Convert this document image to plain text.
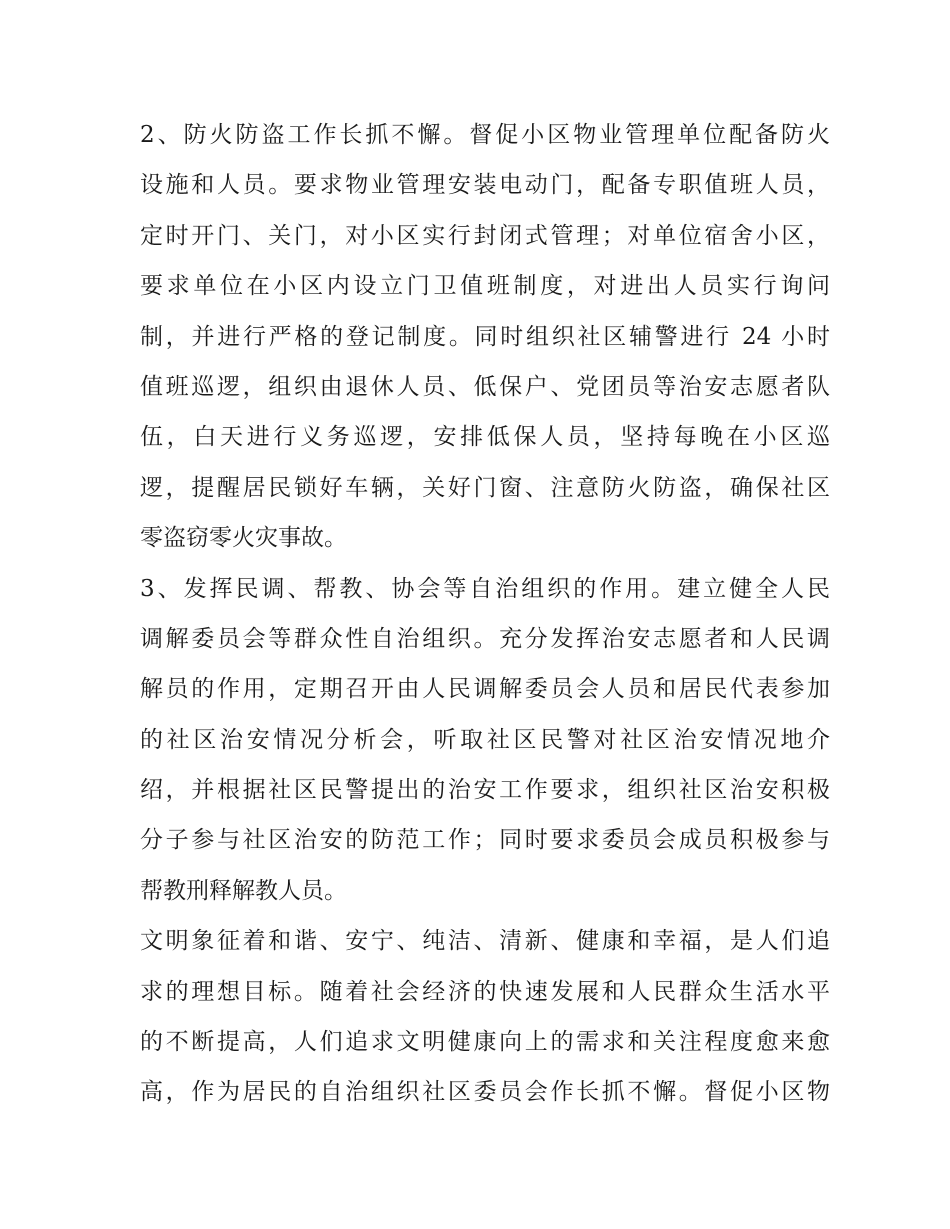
2、防火防盗工作长抓不懈。督促小区物业管理单位配备防火
设施和人员。要求物业管理安装电动门，配备专职值班人员，
定时开门、关门，对小区实行封闭式管理；对单位宿舍小区，
要求单位在小区内设立门卫值班制度，对进出人员实行询问
制，并进行严格的登记制度。同时组织社区辅警进行 24 小时
值班巡逻，组织由退休人员、低保户、党团员等治安志愿者队
伍，白天进行义务巡逻，安排低保人员，坚持每晚在小区巡
逻，提醒居民锁好车辆，关好门窗、注意防火防盗，确保社区
零盗窃零火灾事故。
3、发挥民调、帮教、协会等自治组织的作用。建立健全人民
调解委员会等群众性自治组织。充分发挥治安志愿者和人民调
解员的作用，定期召开由人民调解委员会人员和居民代表参加
的社区治安情况分析会，听取社区民警对社区治安情况地介
绍，并根据社区民警提出的治安工作要求，组织社区治安积极
分子参与社区治安的防范工作；同时要求委员会成员积极参与
帮教刑释解教人员。
文明象征着和谐、安宁、纯洁、清新、健康和幸福，是人们追
求的理想目标。随着社会经济的快速发展和人民群众生活水平
的不断提高，人们追求文明健康向上的需求和关注程度愈来愈
高，作为居民的自治组织社区委员会作长抓不懈。督促小区物
